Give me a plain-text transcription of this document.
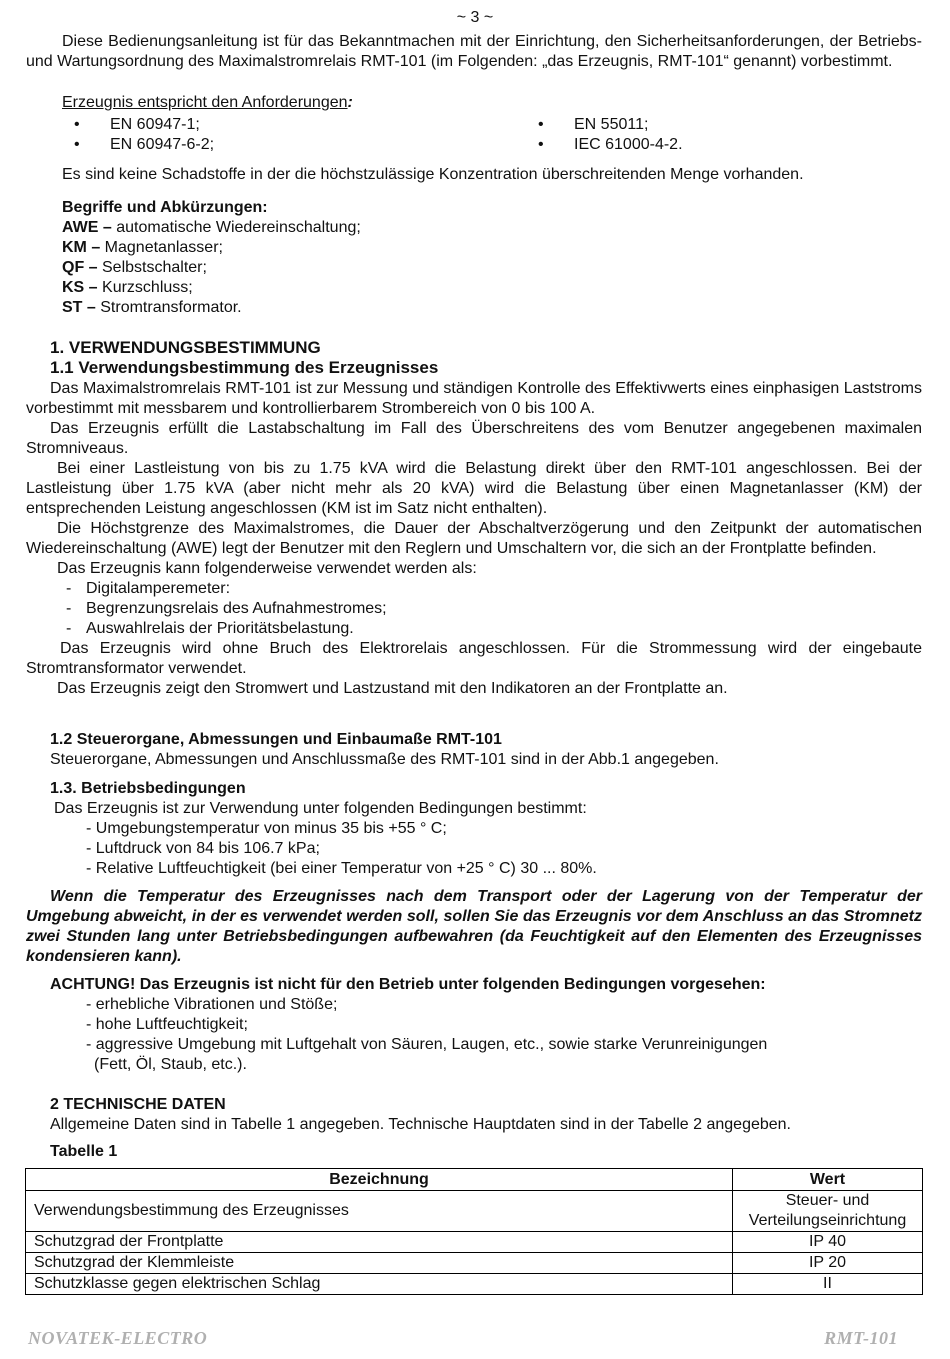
~ 3 ~
Diese Bedienungsanleitung ist für das Bekanntmachen mit der Einrichtung, den Sicherheitsanforderungen, der Betriebs- und Wartungsordnung des Maximalstromrelais RMT-101 (im Folgenden: „das Erzeugnis, RMT-101“ genannt) vorbestimmt.
Erzeugnis entspricht den Anforderungen:
• EN 60947-1;
• EN 60947-6-2;
• EN 55011;
• IEC 61000-4-2.
Es sind keine Schadstoffe in der die höchstzulässige Konzentration überschreitenden Menge vorhanden.
Begriffe und Abkürzungen:
AWE – automatische Wiedereinschaltung;
KM – Magnetanlasser;
QF – Selbstschalter;
KS – Kurzschluss;
ST – Stromtransformator.
1. VERWENDUNGSBESTIMMUNG
1.1 Verwendungsbestimmung des Erzeugnisses
Das Maximalstromrelais RMT-101 ist zur Messung und ständigen Kontrolle des Effektivwerts eines einphasigen Laststroms vorbestimmt mit messbarem und kontrollierbarem Strombereich von 0 bis 100 A.
Das Erzeugnis erfüllt die Lastabschaltung im Fall des Überschreitens des vom Benutzer angegebenen maximalen Stromniveaus.
Bei einer Lastleistung von bis zu 1.75 kVA wird die Belastung direkt über den RMT-101 angeschlossen. Bei der Lastleistung über 1.75 kVA (aber nicht mehr als 20 kVA) wird die Belastung über einen Magnetanlasser (KM) der entsprechenden Leistung angeschlossen (KM ist im Satz nicht enthalten).
Die Höchstgrenze des Maximalstromes, die Dauer der Abschaltverzögerung und den Zeitpunkt der automatischen Wiedereinschaltung (AWE) legt der Benutzer mit den Reglern und Umschaltern vor, die sich an der Frontplatte befinden.
Das Erzeugnis kann folgenderweise verwendet werden als:
- Digitalamperemeter:
- Begrenzungsrelais des Aufnahmestromes;
- Auswahlrelais der Prioritätsbelastung.
Das Erzeugnis wird ohne Bruch des Elektrorelais angeschlossen. Für die Strommessung wird der eingebaute Stromtransformator verwendet.
Das Erzeugnis zeigt den Stromwert und Lastzustand mit den Indikatoren an der Frontplatte an.
1.2 Steuerorgane, Abmessungen und Einbaumaße RMT-101
Steuerorgane, Abmessungen und Anschlussmaße des RMT-101 sind in der Abb.1 angegeben.
1.3. Betriebsbedingungen
Das Erzeugnis ist zur Verwendung unter folgenden Bedingungen bestimmt:
- Umgebungstemperatur von minus 35 bis +55 ° C;
- Luftdruck von 84 bis 106.7 kPa;
- Relative Luftfeuchtigkeit (bei einer Temperatur von +25 ° C) 30 ... 80%.
Wenn die Temperatur des Erzeugnisses nach dem Transport oder der Lagerung von der Temperatur der Umgebung abweicht, in der es verwendet werden soll, sollen Sie das Erzeugnis vor dem Anschluss an das Stromnetz zwei Stunden lang unter Betriebsbedingungen aufbewahren (da Feuchtigkeit auf den Elementen des Erzeugnisses kondensieren kann).
ACHTUNG! Das Erzeugnis ist nicht für den Betrieb unter folgenden Bedingungen vorgesehen:
- erhebliche Vibrationen und Stöße;
- hohe Luftfeuchtigkeit;
- aggressive Umgebung mit Luftgehalt von Säuren, Laugen, etc., sowie starke Verunreinigungen
(Fett, Öl, Staub, etc.).
2 TECHNISCHE DATEN
Allgemeine Daten sind in Tabelle 1 angegeben. Technische Hauptdaten sind in der Tabelle 2 angegeben.
Tabelle 1
Bezeichnung	Wert
Verwendungsbestimmung des Erzeugnisses	Steuer- und Verteilungseinrichtung
Schutzgrad der Frontplatte	IP 40
Schutzgrad der Klemmleiste	IP 20
Schutzklasse gegen elektrischen Schlag	II
NOVATEK-ELECTRO	RMT-101
